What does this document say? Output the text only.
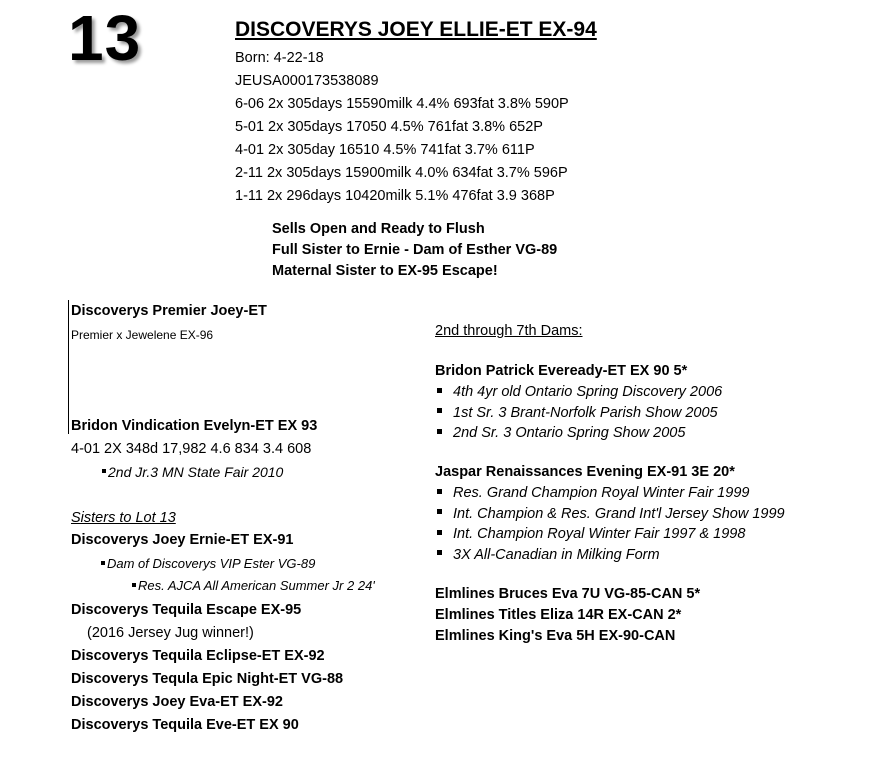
13	DISCOVERYS JOEY ELLIE-ET EX-94
Born: 4-22-18
JEUSA000173538089
6-06 2x 305days 15590milk 4.4% 693fat 3.8% 590P
5-01 2x 305days 17050 4.5% 761fat 3.8% 652P
4-01 2x 305day 16510 4.5% 741fat 3.7% 611P
2-11 2x 305days 15900milk 4.0% 634fat 3.7% 596P
1-11 2x 296days 10420milk 5.1% 476fat 3.9 368P
Sells Open and Ready to Flush
Full Sister to Ernie - Dam of Esther VG-89
Maternal Sister to EX-95 Escape!
Discoverys Premier Joey-ET
Premier x Jewelene EX-96
Bridon Vindication Evelyn-ET EX 93
4-01 2X 348d 17,982 4.6 834 3.4 608
2nd Jr.3 MN State Fair 2010
Sisters to Lot 13
Discoverys Joey Ernie-ET EX-91
Dam of Discoverys VIP Ester VG-89
Res. AJCA All American Summer Jr 2 24'
Discoverys Tequila Escape EX-95
(2016 Jersey Jug winner!)
Discoverys Tequila Eclipse-ET EX-92
Discoverys Tequla Epic Night-ET VG-88
Discoverys Joey Eva-ET EX-92
Discoverys Tequila Eve-ET EX 90
2nd through 7th Dams:
Bridon Patrick Eveready-ET EX 90 5*
4th 4yr old Ontario Spring Discovery 2006
1st Sr. 3 Brant-Norfolk Parish Show 2005
2nd Sr. 3 Ontario Spring Show 2005
Jaspar Renaissances Evening EX-91 3E 20*
Res. Grand Champion Royal Winter Fair 1999
Int. Champion & Res. Grand Int'l Jersey Show 1999
Int. Champion Royal Winter Fair 1997 & 1998
3X All-Canadian in Milking Form
Elmlines Bruces Eva 7U VG-85-CAN 5*
Elmlines Titles Eliza 14R EX-CAN 2*
Elmlines King's Eva 5H EX-90-CAN
